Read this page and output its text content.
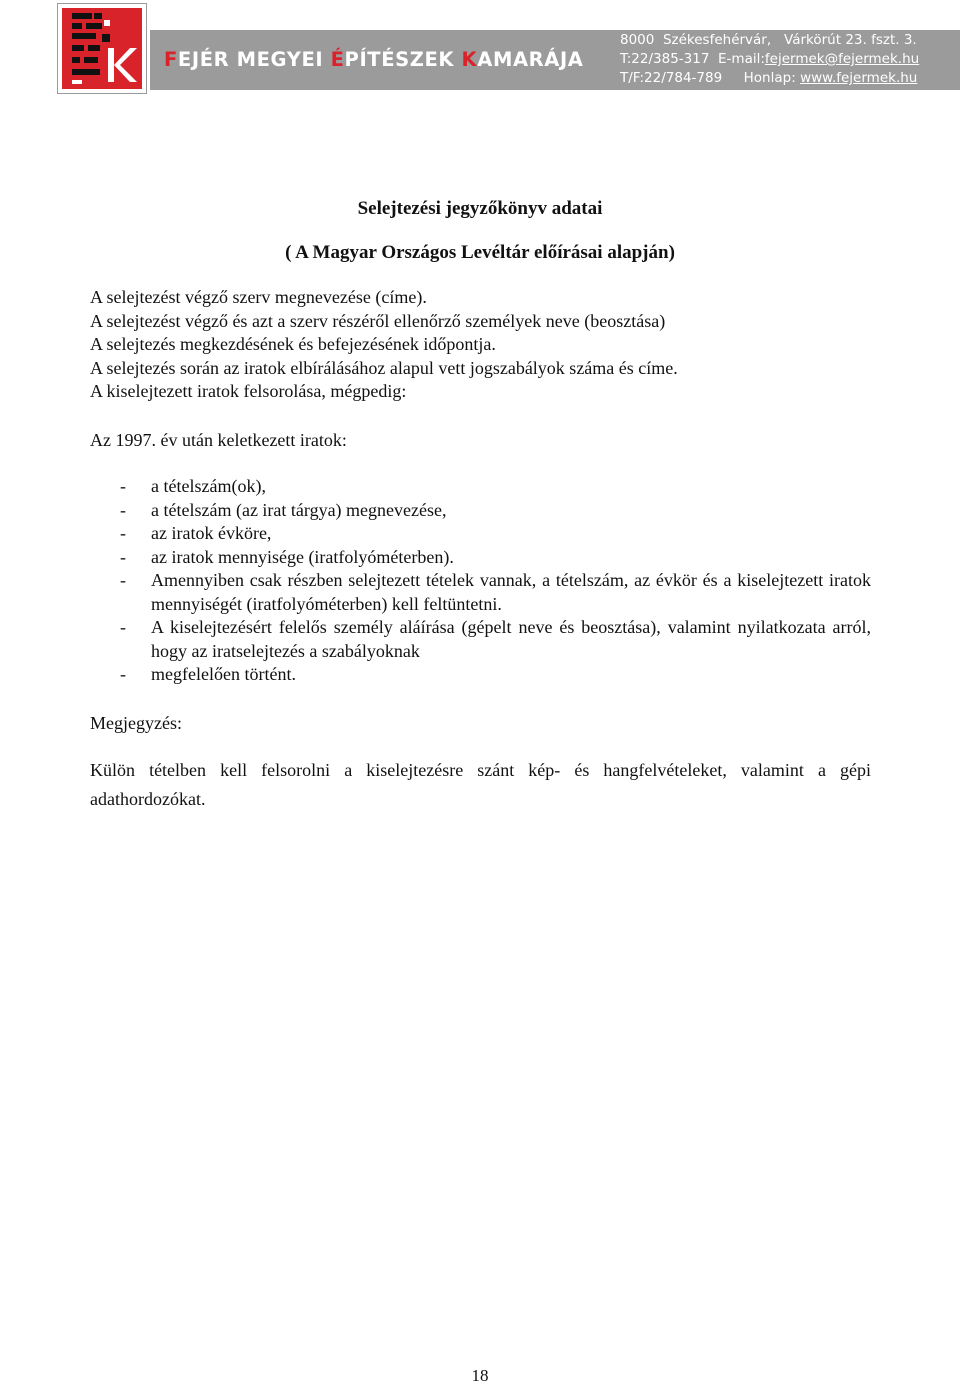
FEJÉR MEGYEI ÉPÍTÉSZEK KAMARÁJA
8000  Székesfehérvár,   Várkörút 23. fszt. 3.
T:22/385-317  E-mail:fejermek@fejermek.hu
T/F:22/784-789     Honlap: www.fejermek.hu
Selejtezési jegyzőkönyv adatai
( A Magyar Országos Levéltár előírásai alapján)
A selejtezést végző szerv megnevezése (címe).
A selejtezést végző és azt a szerv részéről ellenőrző személyek neve (beosztása)
A selejtezés megkezdésének és befejezésének időpontja.
A selejtezés során az iratok elbírálásához alapul vett jogszabályok száma és címe.
A kiselejtezett iratok felsorolása, mégpedig:
Az 1997. év után keletkezett iratok:
-	a tételszám(ok),
-	a tételszám (az irat tárgya) megnevezése,
-	az iratok évköre,
-	az iratok mennyisége (iratfolyóméterben).
-	Amennyiben csak részben selejtezett tételek vannak, a tételszám, az évkör és a kiselejtezett iratok mennyiségét (iratfolyóméterben) kell feltüntetni.
-	A kiselejtezésért felelős személy aláírása (gépelt neve és beosztása), valamint nyilatkozata arról, hogy az iratselejtezés a szabályoknak
-	megfelelően történt.
Megjegyzés:
Külön tételben kell felsorolni a kiselejtezésre szánt kép- és hangfelvételeket, valamint a gépi adathordozókat.
18
